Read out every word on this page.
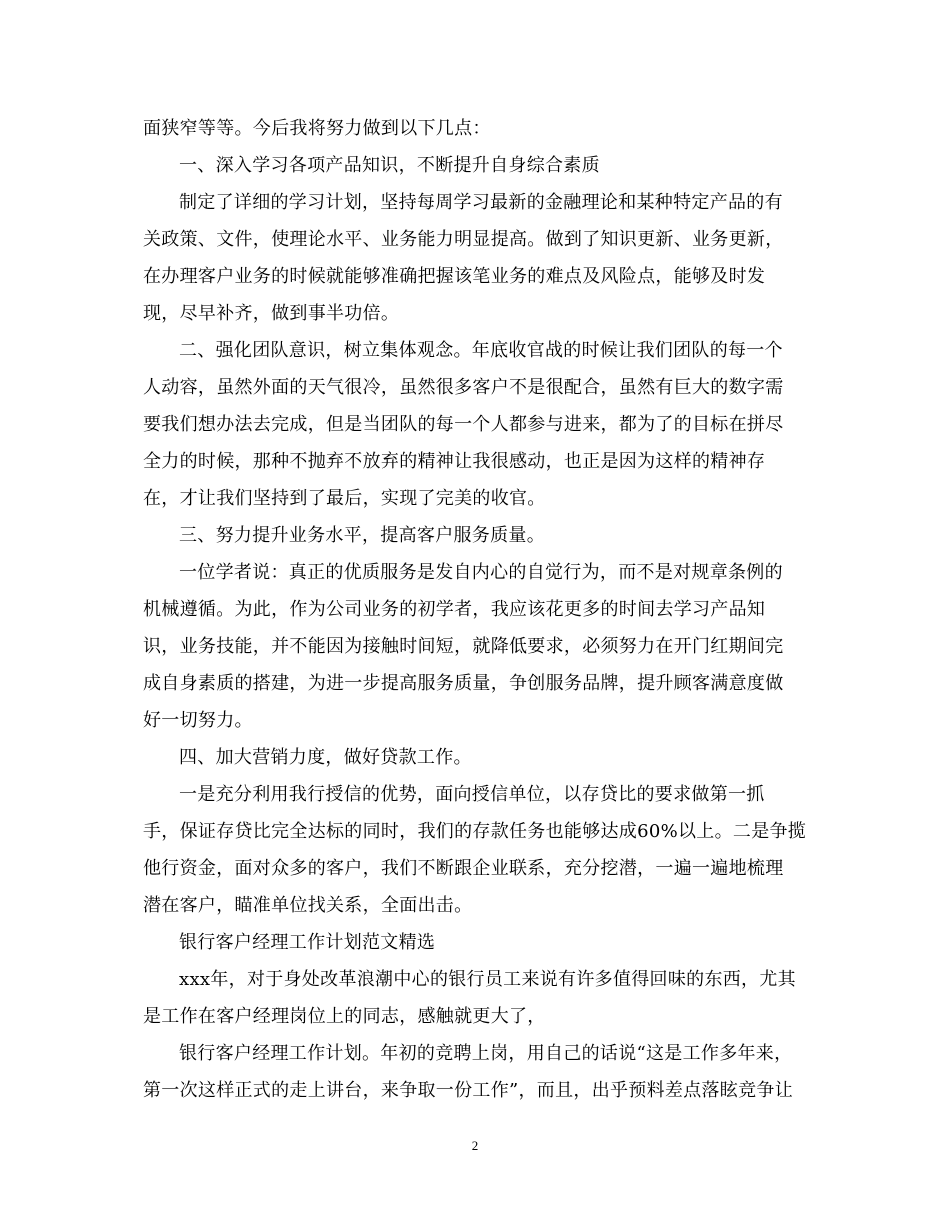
面狭窄等等。今后我将努力做到以下几点：
一、深入学习各项产品知识，不断提升自身综合素质
制定了详细的学习计划，坚持每周学习最新的金融理论和某种特定产品的有
关政策、文件，使理论水平、业务能力明显提高。做到了知识更新、业务更新，
在办理客户业务的时候就能够准确把握该笔业务的难点及风险点，能够及时发
现，尽早补齐，做到事半功倍。
二、强化团队意识，树立集体观念。年底收官战的时候让我们团队的每一个
人动容，虽然外面的天气很冷，虽然很多客户不是很配合，虽然有巨大的数字需
要我们想办法去完成，但是当团队的每一个人都参与进来，都为了的目标在拼尽
全力的时候，那种不抛弃不放弃的精神让我很感动，也正是因为这样的精神存
在，才让我们坚持到了最后，实现了完美的收官。
三、努力提升业务水平，提高客户服务质量。
一位学者说：真正的优质服务是发自内心的自觉行为，而不是对规章条例的
机械遵循。为此，作为公司业务的初学者，我应该花更多的时间去学习产品知
识，业务技能，并不能因为接触时间短，就降低要求，必须努力在开门红期间完
成自身素质的搭建，为进一步提高服务质量，争创服务品牌，提升顾客满意度做
好一切努力。
四、加大营销力度，做好贷款工作。
一是充分利用我行授信的优势，面向授信单位，以存贷比的要求做第一抓
手，保证存贷比完全达标的同时，我们的存款任务也能够达成60%以上。二是争揽
他行资金，面对众多的客户，我们不断跟企业联系，充分挖潜，一遍一遍地梳理
潜在客户，瞄准单位找关系，全面出击。
银行客户经理工作计划范文精选
xxx年，对于身处改革浪潮中心的银行员工来说有许多值得回味的东西，尤其
是工作在客户经理岗位上的同志，感触就更大了，
银行客户经理工作计划。年初的竞聘上岗，用自己的话说“这是工作多年来，
第一次这样正式的走上讲台，来争取一份工作”，而且，出乎预料差点落眩竞争让
2
